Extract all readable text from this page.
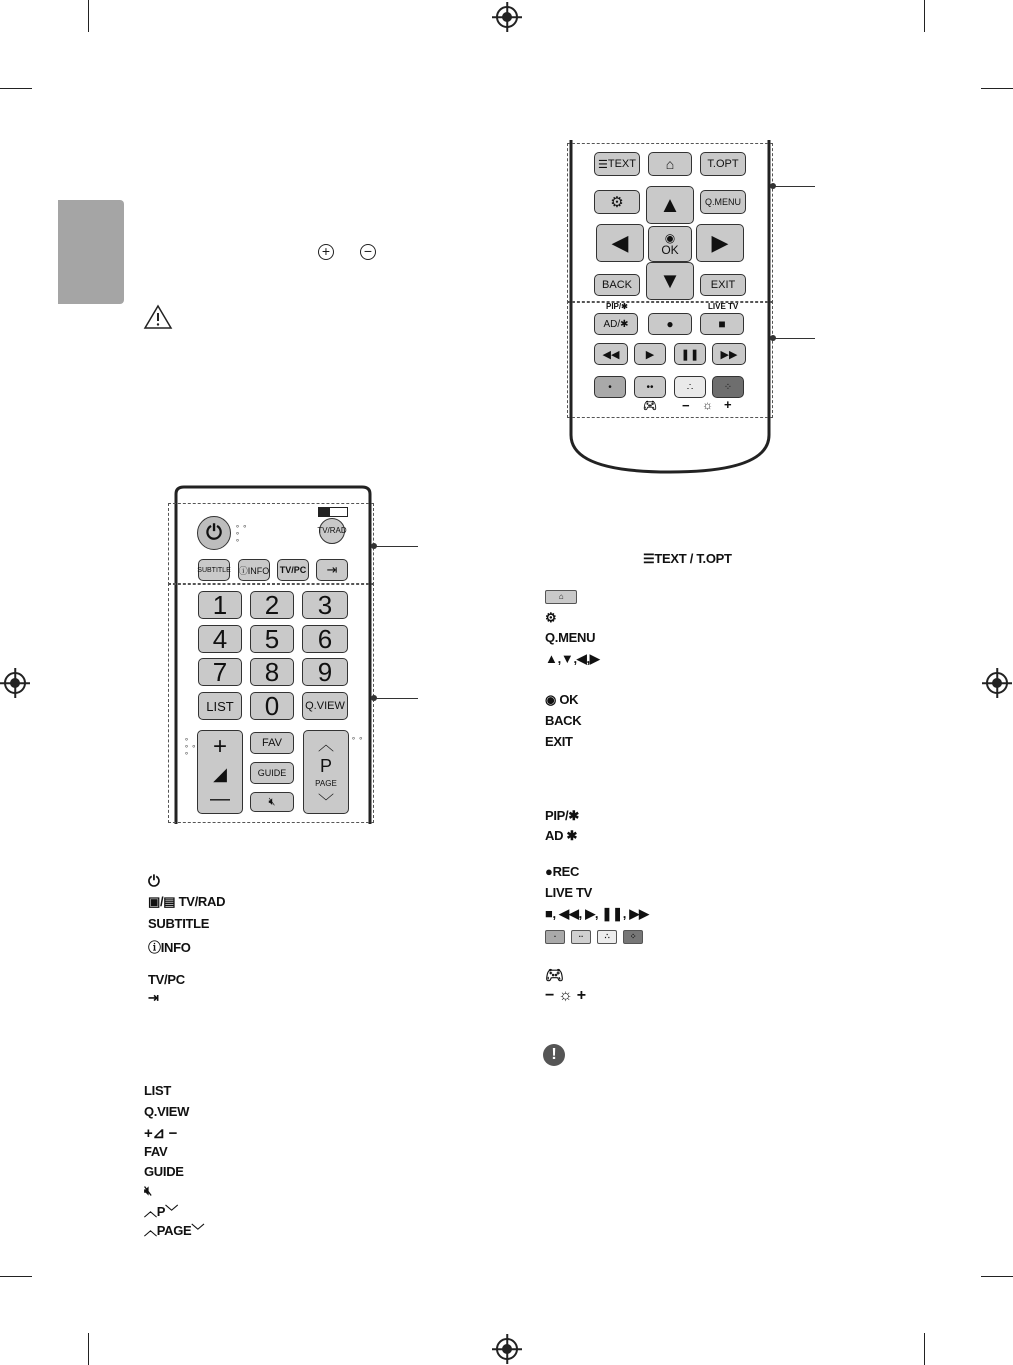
+ −
⏻	∘ ∘
∘
∘
TV/RAD
SUBTITLE ⓘINFO TV/PC	⇥
1 2 3
4 5 6
7 8 9
LIST 0 Q.VIEW
+
◢
—
∘
∘ ∘
∘
FAV
GUIDE
🔇︎
︿
P
PAGE
﹀
∘ ∘
☰ TEXT ⌂	T.OPT
⚙	Q.MENU
▲
◀	◉
OK ▶
▼
BACK	EXIT
PIP/✱	LIVE TV
AD/✱	●	■
◀◀ ▶ ❚❚ ▶▶
•	••	∴	⁘
🎮︎ − ☼ +
⏻
▣/▤ TV/RAD
SUBTITLE
ⓘINFO
TV/PC
⇥
LIST
Q.VIEW
+⊿ −
FAV
GUIDE
🔇︎
︿P﹀
︿PAGE﹀
☰TEXT / T.OPT
⌂
⚙
Q.MENU
▲,▼,◀,▶
◉ OK
BACK
EXIT
PIP/✱
AD ✱
●REC
LIVE TV
■, ◀◀, ▶, ❚❚, ▶▶
·	··	∴	⁘
🎮︎
− ☼ +
!
